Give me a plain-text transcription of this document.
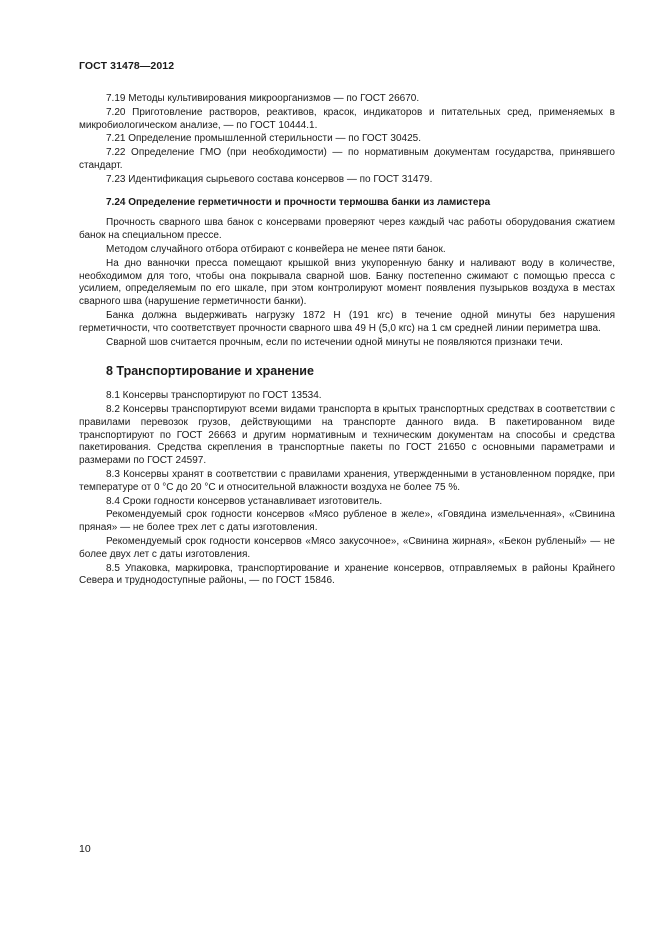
ГОСТ 31478—2012

7.19 Методы культивирования микроорганизмов — по ГОСТ 26670.

7.20 Приготовление растворов, реактивов, красок, индикаторов и питательных сред, применяемых в микробиологическом анализе, — по ГОСТ 10444.1.

7.21 Определение промышленной стерильности — по ГОСТ 30425.

7.22 Определение ГМО (при необходимости) — по нормативным документам государства, принявшего стандарт.

7.23 Идентификация сырьевого состава консервов — по ГОСТ 31479.

7.24 Определение герметичности и прочности термошва банки из ламистера

Прочность сварного шва банок с консервами проверяют через каждый час работы оборудования сжатием банок на специальном прессе.

Методом случайного отбора отбирают с конвейера не менее пяти банок.

На дно ванночки пресса помещают крышкой вниз укупоренную банку и наливают воду в количестве, необходимом для того, чтобы она покрывала сварной шов. Банку постепенно сжимают с помощью пресса с усилием, определяемым по его шкале, при этом контролируют момент появления пузырьков воздуха в местах сварного шва (нарушение герметичности банки).

Банка должна выдерживать нагрузку 1872 Н (191 кгс) в течение одной минуты без нарушения герметичности, что соответствует прочности сварного шва 49 Н (5,0 кгс) на 1 см средней линии периметра шва.

Сварной шов считается прочным, если по истечении одной минуты не появляются признаки течи.

8 Транспортирование и хранение

8.1 Консервы транспортируют по ГОСТ 13534.

8.2 Консервы транспортируют всеми видами транспорта в крытых транспортных средствах в соответствии с правилами перевозок грузов, действующими на транспорте данного вида. В пакетированном виде транспортируют по ГОСТ 26663 и другим нормативным и техническим документам на способы и средства пакетирования. Средства скрепления в транспортные пакеты по ГОСТ 21650 с основными параметрами и размерами по ГОСТ 24597.

8.3 Консервы хранят в соответствии с правилами хранения, утвержденными в установленном порядке, при температуре от 0 °С до 20 °С и относительной влажности воздуха не более 75 %.

8.4 Сроки годности консервов устанавливает изготовитель.

Рекомендуемый срок годности консервов «Мясо рубленое в желе», «Говядина измельченная», «Свинина пряная» — не более трех лет с даты изготовления.

Рекомендуемый срок годности консервов «Мясо закусочное», «Свинина жирная», «Бекон рубленый» — не более двух лет с даты изготовления.

8.5 Упаковка, маркировка, транспортирование и хранение консервов, отправляемых в районы Крайнего Севера и труднодоступные районы, — по ГОСТ 15846.

10
